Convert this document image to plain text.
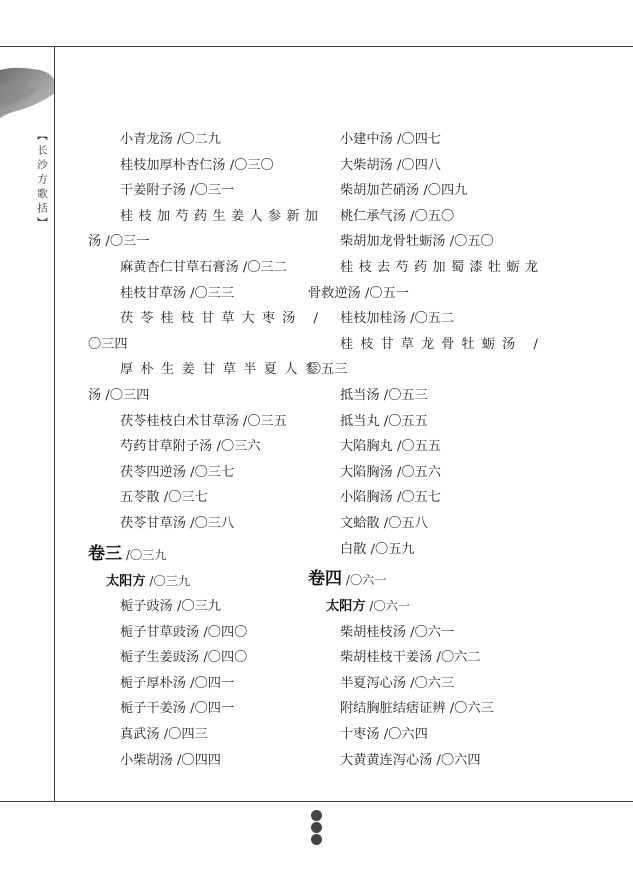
【长沙方歌括】	小青龙汤 /〇二九
桂枝加厚朴杏仁汤 /〇三〇
干姜附子汤 /〇三一
桂枝加芍药生姜人参新加
汤 /〇三一
麻黄杏仁甘草石膏汤 /〇三二
桂枝甘草汤 /〇三三
茯苓桂枝甘草大枣汤 /
〇三四
厚朴生姜甘草半夏人参
汤 /〇三四
茯苓桂枝白术甘草汤 /〇三五
芍药甘草附子汤 /〇三六
茯苓四逆汤 /〇三七
五苓散 /〇三七
茯苓甘草汤 /〇三八
卷三 /〇三九
太阳方 /〇三九
栀子豉汤 /〇三九
栀子甘草豉汤 /〇四〇
栀子生姜豉汤 /〇四〇
栀子厚朴汤 /〇四一
栀子干姜汤 /〇四一
真武汤 /〇四三
小柴胡汤 /〇四四
小建中汤 /〇四七
大柴胡汤 /〇四八
柴胡加芒硝汤 /〇四九
桃仁承气汤 /〇五〇
柴胡加龙骨牡蛎汤 /〇五〇
桂枝去芍药加蜀漆牡蛎龙
骨救逆汤 /〇五一
桂枝加桂汤 /〇五二
桂枝甘草龙骨牡蛎汤 /
〇五三
抵当汤 /〇五三
抵当丸 /〇五五
大陷胸丸 /〇五五
大陷胸汤 /〇五六
小陷胸汤 /〇五七
文蛤散 /〇五八
白散 /〇五九
卷四 /〇六一
太阳方 /〇六一
柴胡桂枝汤 /〇六一
柴胡桂枝干姜汤 /〇六二
半夏泻心汤 /〇六三
附结胸脏结痞证辨 /〇六三
十枣汤 /〇六四
大黄黄连泻心汤 /〇六四
